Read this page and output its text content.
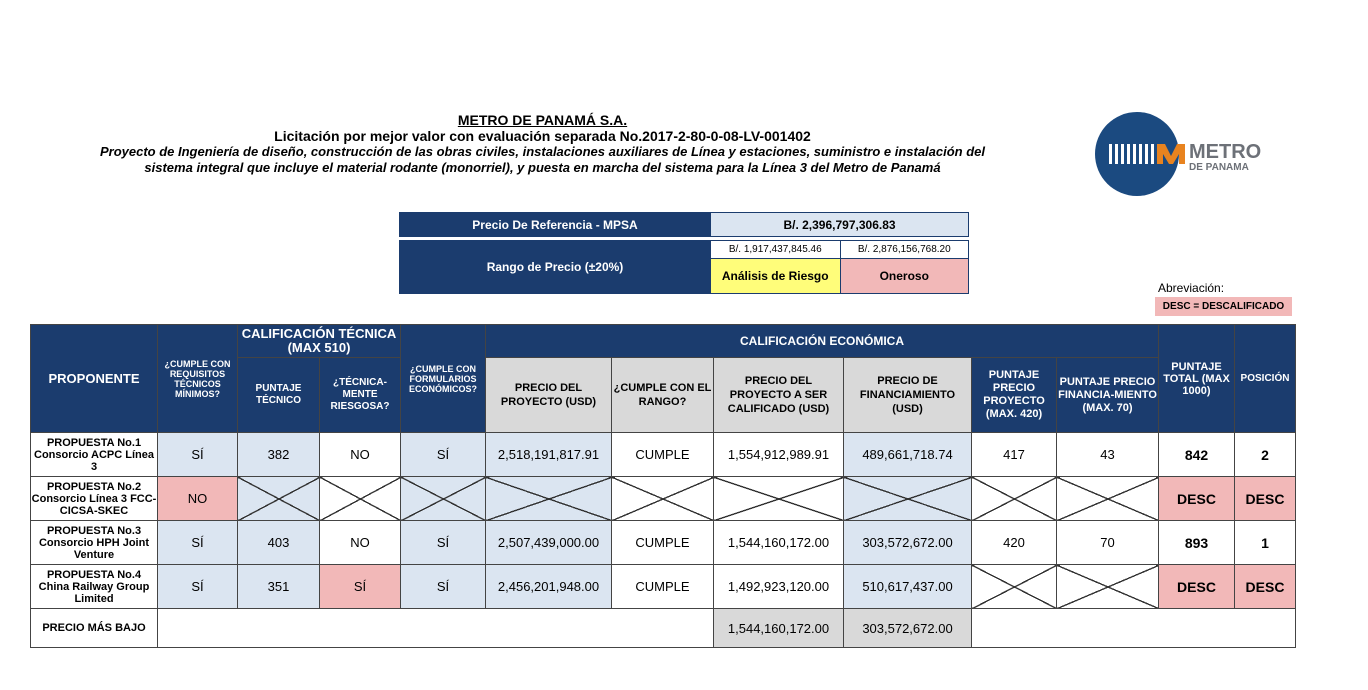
METRO DE PANAMÁ S.A.
Licitación por mejor valor con evaluación separada No.2017-2-80-0-08-LV-001402
Proyecto de Ingeniería de diseño, construcción de las obras civiles, instalaciones auxiliares de Línea y estaciones, suministro e instalación del
sistema integral que incluye el material rodante (monorriel), y puesta en marcha del sistema para la Línea 3 del Metro de Panamá
METRO
DE PANAMA
Precio De Referencia - MPSA	B/. 2,396,797,306.83	

Rango de Precio (±20%)	B/. 1,917,437,845.46	B/. 2,876,156,768.20
	Análisis de Riesgo	Oneroso
Abreviación:
DESC = DESCALIFICADO
PROPONENTE	¿CUMPLE CON REQUISITOS TÉCNICOS MÍNIMOS?	CALIFICACIÓN TÉCNICA (MAX 510)		¿CUMPLE CON FORMULARIOS ECONÓMICOS?	CALIFICACIÓN ECONÓMICA						PUNTAJE TOTAL (MAX 1000)	POSICIÓN
		PUNTAJE TÉCNICO	¿TÉCNICA-MENTE RIESGOSA?		PRECIO DEL PROYECTO (USD)	¿CUMPLE CON EL RANGO?	PRECIO DEL PROYECTO A SER CALIFICADO (USD)	PRECIO DE FINANCIAMIENTO (USD)	PUNTAJE PRECIO PROYECTO (MAX. 420)	PUNTAJE PRECIO FINANCIA-MIENTO (MAX. 70)		
PROPUESTA No.1 Consorcio ACPC Línea 3	SÍ	382	NO	SÍ	2,518,191,817.91	CUMPLE	1,554,912,989.91	489,661,718.74	417	43	842	2
PROPUESTA No.2 Consorcio Línea 3 FCC-CICSA-SKEC	NO										DESC	DESC
PROPUESTA No.3 Consorcio HPH Joint Venture	SÍ	403	NO	SÍ	2,507,439,000.00	CUMPLE	1,544,160,172.00	303,572,672.00	420	70	893	1
PROPUESTA No.4 China Railway Group Limited	SÍ	351	SÍ	SÍ	2,456,201,948.00	CUMPLE	1,492,923,120.00	510,617,437.00			DESC	DESC
PRECIO MÁS BAJO							1,544,160,172.00	303,572,672.00				
